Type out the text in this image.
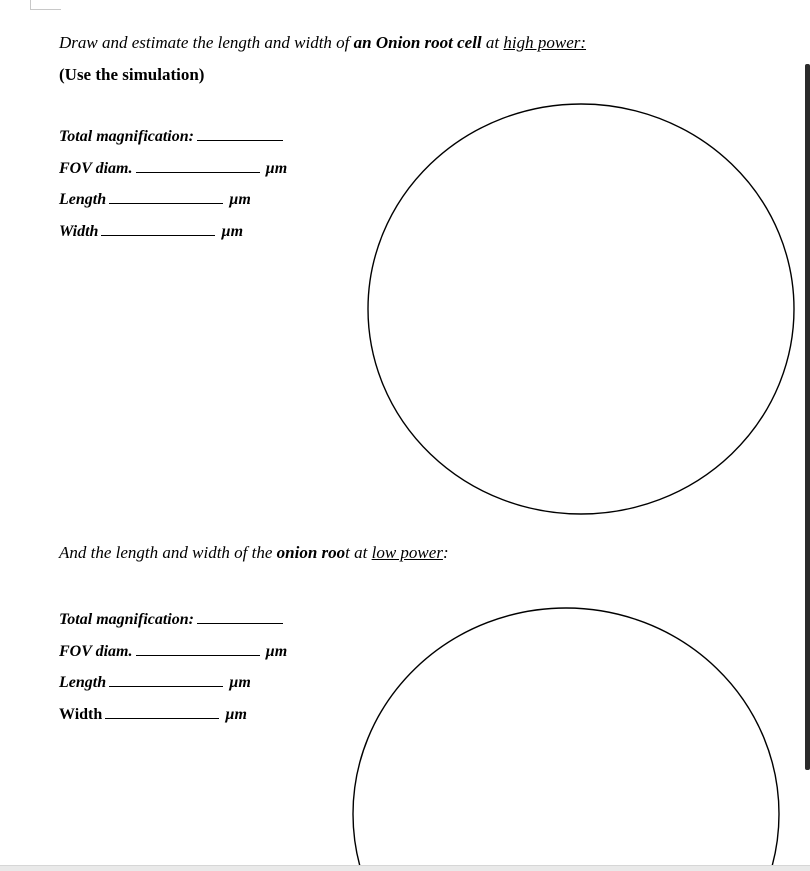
Draw and estimate the length and width of an Onion root cell at high power:
(Use the simulation)
Total magnification:
FOV diam.	µm
Length	µm
Width	µm
And the length and width of the onion root at low power:
Total magnification:
FOV diam.	µm
Length	µm
Width	µm
